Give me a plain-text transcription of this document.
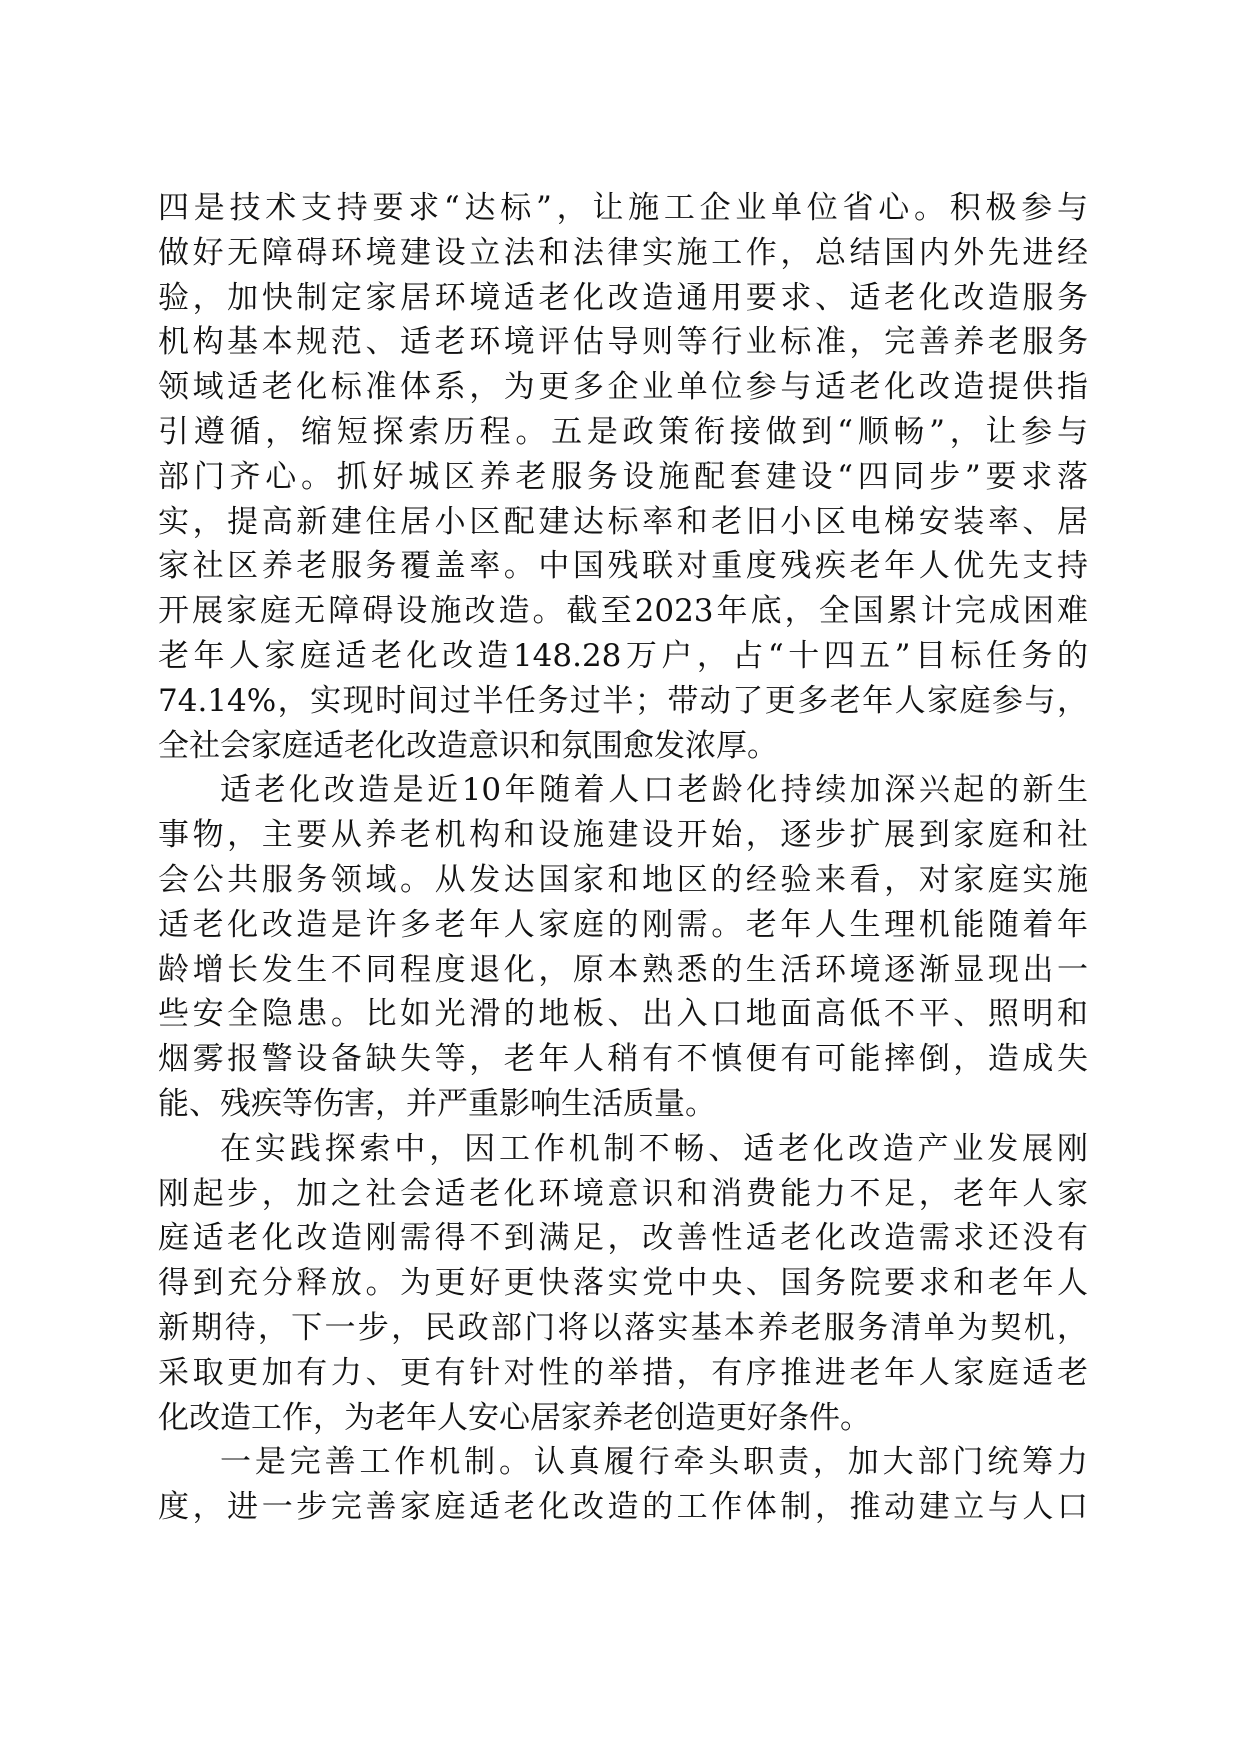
四是技术支持要求“达标”，让施工企业单位省心。积极参与
做好无障碍环境建设立法和法律实施工作，总结国内外先进经
验，加快制定家居环境适老化改造通用要求、适老化改造服务
机构基本规范、适老环境评估导则等行业标准，完善养老服务
领域适老化标准体系，为更多企业单位参与适老化改造提供指
引遵循，缩短探索历程。五是政策衔接做到“顺畅”，让参与
部门齐心。抓好城区养老服务设施配套建设“四同步”要求落
实，提高新建住居小区配建达标率和老旧小区电梯安装率、居
家社区养老服务覆盖率。中国残联对重度残疾老年人优先支持
开展家庭无障碍设施改造。截至2023年底，全国累计完成困难
老年人家庭适老化改造148.28万户，占“十四五”目标任务的
74.14%，实现时间过半任务过半；带动了更多老年人家庭参与，
全社会家庭适老化改造意识和氛围愈发浓厚。
适老化改造是近10年随着人口老龄化持续加深兴起的新生
事物，主要从养老机构和设施建设开始，逐步扩展到家庭和社
会公共服务领域。从发达国家和地区的经验来看，对家庭实施
适老化改造是许多老年人家庭的刚需。老年人生理机能随着年
龄增长发生不同程度退化，原本熟悉的生活环境逐渐显现出一
些安全隐患。比如光滑的地板、出入口地面高低不平、照明和
烟雾报警设备缺失等，老年人稍有不慎便有可能摔倒，造成失
能、残疾等伤害，并严重影响生活质量。
在实践探索中，因工作机制不畅、适老化改造产业发展刚
刚起步，加之社会适老化环境意识和消费能力不足，老年人家
庭适老化改造刚需得不到满足，改善性适老化改造需求还没有
得到充分释放。为更好更快落实党中央、国务院要求和老年人
新期待，下一步，民政部门将以落实基本养老服务清单为契机，
采取更加有力、更有针对性的举措，有序推进老年人家庭适老
化改造工作，为老年人安心居家养老创造更好条件。
一是完善工作机制。认真履行牵头职责，加大部门统筹力
度，进一步完善家庭适老化改造的工作体制，推动建立与人口
